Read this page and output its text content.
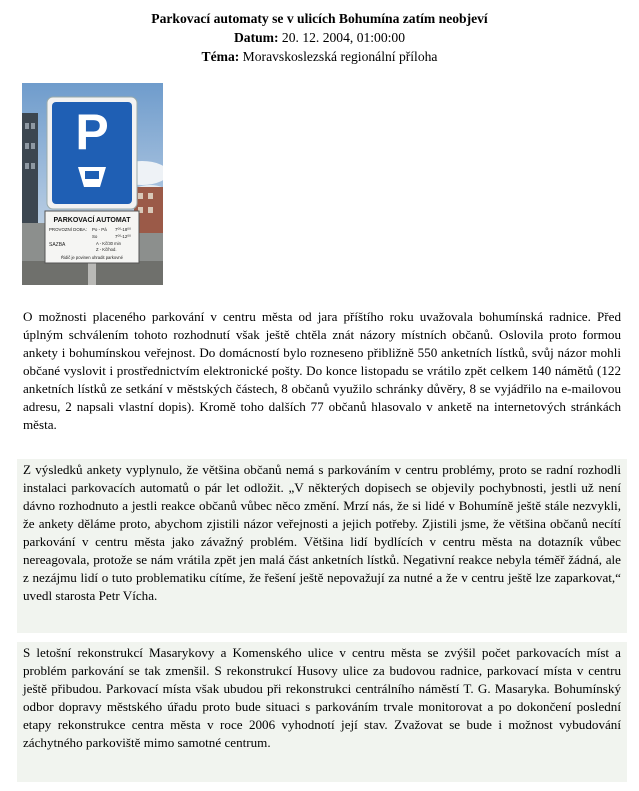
Parkovací automaty se v ulicích Bohumína zatím neobjeví
Datum: 20. 12. 2004, 01:00:00
Téma: Moravskoslezská regionální příloha
P
PARKOVACÍ AUTOMAT
PROVOZNÍ DOBA: Po - Pá 7⁰⁰-18⁰⁰
So	7⁰⁰-12⁰⁰
SAZBA	A - Kč/30 min
Z - Kč/hod.
Řidič je povinen uhradit parkovné
O možnosti placeného parkování v centru města od jara příštího roku uvažovala bohumínská radnice. Před úplným schválením tohoto rozhodnutí však ještě chtěla znát názory místních občanů. Oslovila proto formou ankety i bohumínskou veřejnost. Do domácností bylo rozneseno přibližně 550 anketních lístků, svůj názor mohli občané vyslovit i prostřednictvím elektronické pošty. Do konce listopadu se vrátilo zpět celkem 140 námětů (122 anketních lístků ze setkání v městských částech, 8 občanů využilo schránky důvěry, 8 se vyjádřilo na e-mailovou adresu, 2 napsali vlastní dopis). Kromě toho dalších 77 občanů hlasovalo v anketě na internetových stránkách města.
Z výsledků ankety vyplynulo, že většina občanů nemá s parkováním v centru problémy, proto se radní rozhodli instalaci parkovacích automatů o pár let odložit. „V některých dopisech se objevily pochybnosti, jestli už není dávno rozhodnuto a jestli reakce občanů vůbec něco změní. Mrzí nás, že si lidé v Bohumíně ještě stále nezvykli, že ankety děláme proto, abychom zjistili názor veřejnosti a jejich potřeby. Zjistili jsme, že většina občanů necítí parkování v centru města jako závažný problém. Většina lidí bydlících v centru města na dotazník vůbec nereagovala, protože se nám vrátila zpět jen malá část anketních lístků. Negativní reakce nebyla téměř žádná, ale z nezájmu lidí o tuto problematiku cítíme, že řešení ještě nepovažují za nutné a že v centru ještě lze zaparkovat,“ uvedl starosta Petr Vícha.
S letošní rekonstrukcí Masarykovy a Komenského ulice v centru města se zvýšil počet parkovacích míst a problém parkování se tak zmenšil. S rekonstrukcí Husovy ulice za budovou radnice, parkovací místa v centru ještě přibudou. Parkovací místa však ubudou při rekonstrukci centrálního náměstí T. G. Masaryka. Bohumínský odbor dopravy městského úřadu proto bude situaci s parkováním trvale monitorovat a po dokončení poslední etapy rekonstrukce centra města v roce 2006 vyhodnotí její stav. Zvažovat se bude i možnost vybudování záchytného parkoviště mimo samotné centrum.
